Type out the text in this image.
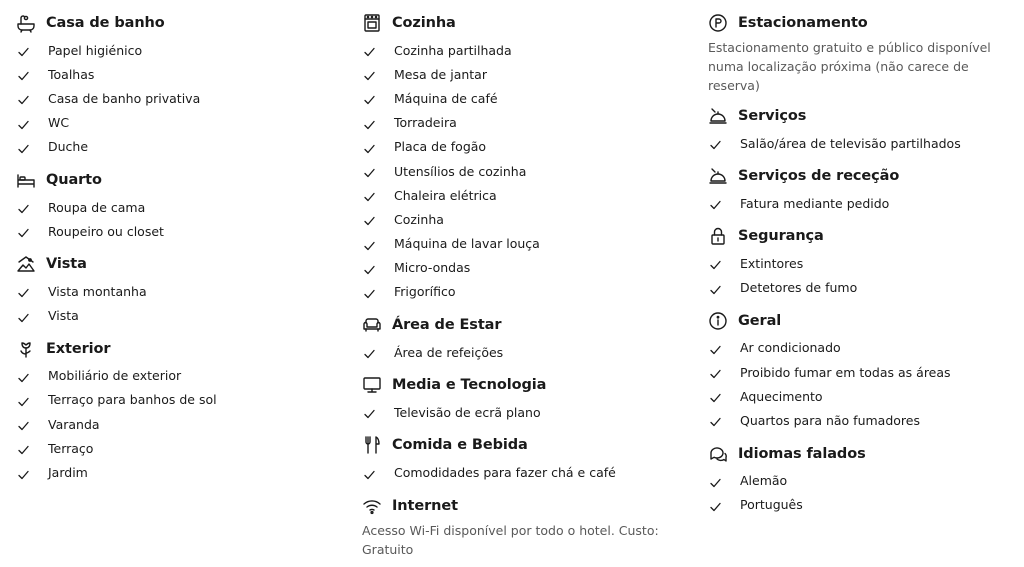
Casa de banho
Papel higiénico
Toalhas
Casa de banho privativa
WC
Duche
Quarto
Roupa de cama
Roupeiro ou closet
Vista
Vista montanha
Vista
Exterior
Mobiliário de exterior
Terraço para banhos de sol
Varanda
Terraço
Jardim
Cozinha
Cozinha partilhada
Mesa de jantar
Máquina de café
Torradeira
Placa de fogão
Utensílios de cozinha
Chaleira elétrica
Cozinha
Máquina de lavar louça
Micro-ondas
Frigorífico
Área de Estar
Área de refeições
Media e Tecnologia
Televisão de ecrã plano
Comida e Bebida
Comodidades para fazer chá e café
Internet
Acesso Wi-Fi disponível por todo o hotel. Custo: Gratuito
Estacionamento
Estacionamento gratuito e público disponível numa localização próxima (não carece de reserva)
Serviços
Salão/área de televisão partilhados
Serviços de receção
Fatura mediante pedido
Segurança
Extintores
Detetores de fumo
Geral
Ar condicionado
Proibido fumar em todas as áreas
Aquecimento
Quartos para não fumadores
Idiomas falados
Alemão
Português
